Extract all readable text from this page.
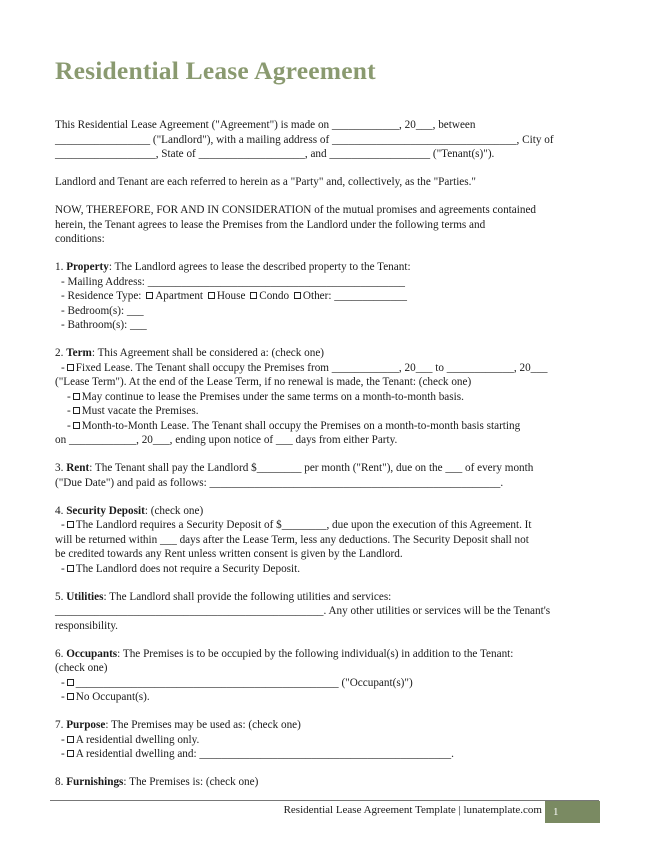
Residential Lease Agreement

This Residential Lease Agreement ("Agreement") is made on ____________, 20___, between
_________________ ("Landlord"), with a mailing address of _________________________________, City of
__________________, State of ___________________, and __________________ ("Tenant(s)").

Landlord and Tenant are each referred to herein as a "Party" and, collectively, as the "Parties."

NOW, THEREFORE, FOR AND IN CONSIDERATION of the mutual promises and agreements contained
herein, the Tenant agrees to lease the Premises from the Landlord under the following terms and
conditions:

1. Property: The Landlord agrees to lease the described property to the Tenant:
- Mailing Address: ______________________________________________
- Residence Type: Apartment House Condo Other: _____________
- Bedroom(s): ___
- Bathroom(s): ___
2. Term: This Agreement shall be considered a: (check one)
- Fixed Lease. The Tenant shall occupy the Premises from ____________, 20___ to ____________, 20___
("Lease Term"). At the end of the Lease Term, if no renewal is made, the Tenant: (check one)
- May continue to lease the Premises under the same terms on a month-to-month basis.
- Must vacate the Premises.
- Month-to-Month Lease. The Tenant shall occupy the Premises on a month-to-month basis starting
on ____________, 20___, ending upon notice of ___ days from either Party.
3. Rent: The Tenant shall pay the Landlord $________ per month ("Rent"), due on the ___ of every month
("Due Date") and paid as follows: ____________________________________________________.
4. Security Deposit: (check one)
- The Landlord requires a Security Deposit of $________, due upon the execution of this Agreement. It
will be returned within ___ days after the Lease Term, less any deductions. The Security Deposit shall not
be credited towards any Rent unless written consent is given by the Landlord.
- The Landlord does not require a Security Deposit.
5. Utilities: The Landlord shall provide the following utilities and services:
________________________________________________. Any other utilities or services will be the Tenant's
responsibility.
6. Occupants: The Premises is to be occupied by the following individual(s) in addition to the Tenant:
(check one)
- _______________________________________________ ("Occupant(s)")
- No Occupant(s).
7. Purpose: The Premises may be used as: (check one)
- A residential dwelling only.
- A residential dwelling and: _____________________________________________.
8. Furnishings: The Premises is: (check one)
Residential Lease Agreement Template | lunatemplate.com	1
